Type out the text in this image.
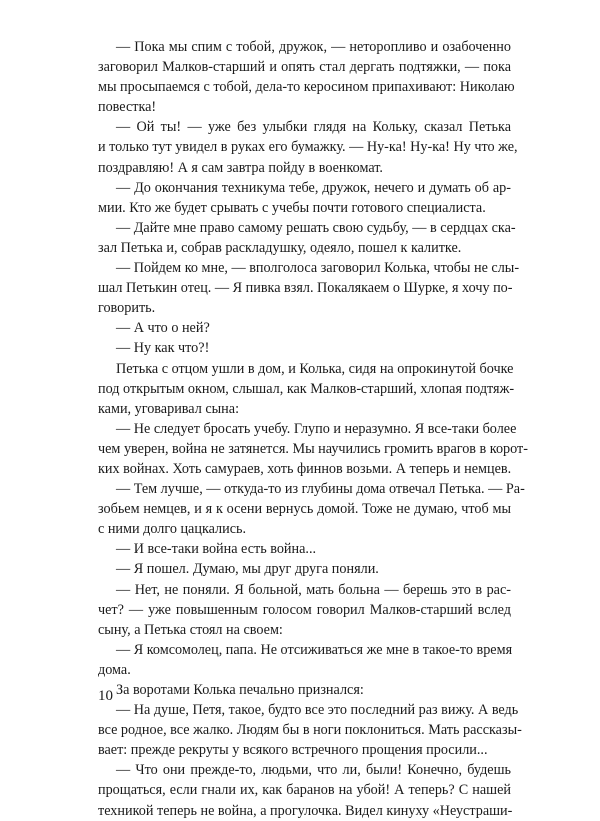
— Пока мы спим с тобой, дружок, — неторопливо и озабоченно
заговорил Малков-старший и опять стал дергать подтяжки, — пока
мы просыпаемся с тобой, дела-то керосином припахивают: Николаю
повестка!
— Ой ты! — уже без улыбки глядя на Кольку, сказал Петька
и только тут увидел в руках его бумажку. — Ну-ка! Ну-ка! Ну что же,
поздравляю! А я сам завтра пойду в военкомат.
— До окончания техникума тебе, дружок, нечего и думать об ар-
мии. Кто же будет срывать с учебы почти готового специалиста.
— Дайте мне право самому решать свою судьбу, — в сердцах ска-
зал Петька и, собрав раскладушку, одеяло, пошел к калитке.
— Пойдем ко мне, — вполголоса заговорил Колька, чтобы не слы-
шал Петькин отец. — Я пивка взял. Покалякаем о Шурке, я хочу по-
говорить.
— А что о ней?
— Ну как что?!
Петька с отцом ушли в дом, и Колька, сидя на опрокинутой бочке
под открытым окном, слышал, как Малков-старший, хлопая подтяж-
ками, уговаривал сына:
— Не следует бросать учебу. Глупо и неразумно. Я все-таки более
чем уверен, война не затянется. Мы научились громить врагов в корот-
ких войнах. Хоть самураев, хоть финнов возьми. А теперь и немцев.
— Тем лучше, — откуда-то из глубины дома отвечал Петька. — Ра-
зобьем немцев, и я к осени вернусь домой. Тоже не думаю, чтоб мы
с ними долго цацкались.
— И все-таки война есть война...
— Я пошел. Думаю, мы друг друга поняли.
— Нет, не поняли. Я больной, мать больна — берешь это в рас-
чет? — уже повышенным голосом говорил Малков-старший вслед
сыну, а Петька стоял на своем:
— Я комсомолец, папа. Не отсиживаться же мне в такое-то время
дома.
За воротами Колька печально признался:
— На душе, Петя, такое, будто все это последний раз вижу. А ведь
все родное, все жалко. Людям бы в ноги поклониться. Мать рассказы-
вает: прежде рекруты у всякого встречного прощения просили...
— Что они прежде-то, людьми, что ли, были! Конечно, будешь
прощаться, если гнали их, как баранов на убой! А теперь? С нашей
техникой теперь не война, а прогулочка. Видел кинуху «Неустраши-
10
